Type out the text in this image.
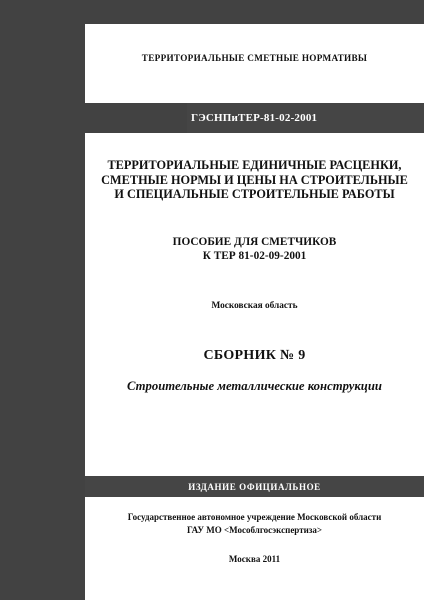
ТЕРРИТОРИАЛЬНЫЕ СМЕТНЫЕ НОРМАТИВЫ
ГЭСНПиТЕР-81-02-2001
ТЕРРИТОРИАЛЬНЫЕ ЕДИНИЧНЫЕ РАСЦЕНКИ,
СМЕТНЫЕ НОРМЫ И ЦЕНЫ НА СТРОИТЕЛЬНЫЕ
И СПЕЦИАЛЬНЫЕ СТРОИТЕЛЬНЫЕ РАБОТЫ
ПОСОБИЕ ДЛЯ СМЕТЧИКОВ
К ТЕР 81-02-09-2001
Московская область
СБОРНИК № 9
Строительные металлические конструкции
ИЗДАНИЕ ОФИЦИАЛЬНОЕ
Государственное автономное учреждение Московской области
ГАУ МО <Мособлгосэкспертиза>
Москва 2011
